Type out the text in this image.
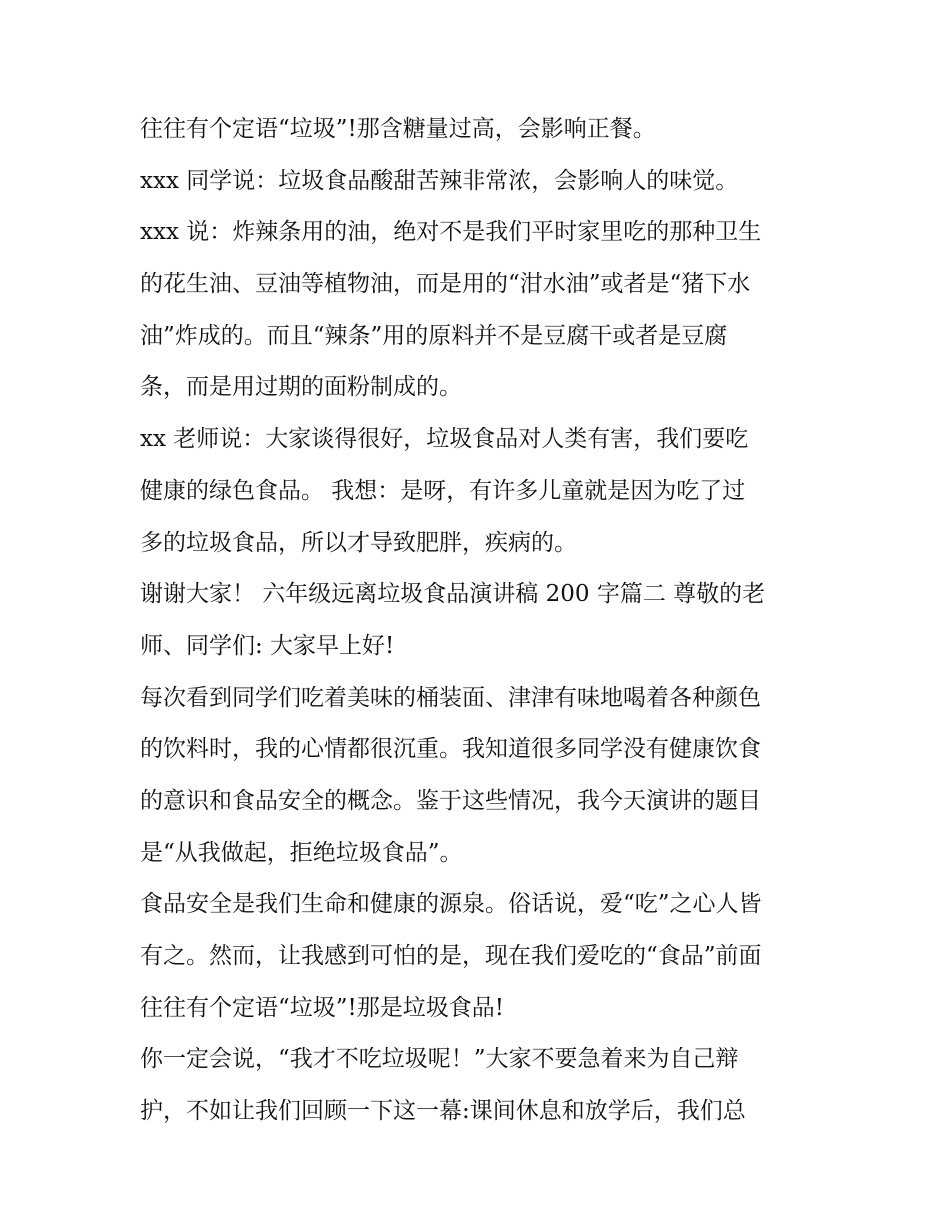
往往有个定语“垃圾”!那含糖量过高，会影响正餐。
xxx 同学说：垃圾食品酸甜苦辣非常浓，会影响人的味觉。
xxx 说：炸辣条用的油，绝对不是我们平时家里吃的那种卫生
的花生油、豆油等植物油，而是用的“泔水油”或者是“猪下水
油”炸成的。而且“辣条”用的原料并不是豆腐干或者是豆腐
条，而是用过期的面粉制成的。
xx 老师说：大家谈得很好，垃圾食品对人类有害，我们要吃
健康的绿色食品。 我想：是呀，有许多儿童就是因为吃了过
多的垃圾食品，所以才导致肥胖，疾病的。
谢谢大家！ 六年级远离垃圾食品演讲稿 200 字篇二 尊敬的老
师、同学们: 大家早上好!
每次看到同学们吃着美味的桶装面、津津有味地喝着各种颜色
的饮料时，我的心情都很沉重。我知道很多同学没有健康饮食
的意识和食品安全的概念。鉴于这些情况，我今天演讲的题目
是“从我做起，拒绝垃圾食品”。
食品安全是我们生命和健康的源泉。俗话说，爱“吃”之心人皆
有之。然而，让我感到可怕的是，现在我们爱吃的“食品”前面
往往有个定语“垃圾”!那是垃圾食品!
你一定会说，“我才不吃垃圾呢！”大家不要急着来为自己辩
护，不如让我们回顾一下这一幕:课间休息和放学后，我们总
